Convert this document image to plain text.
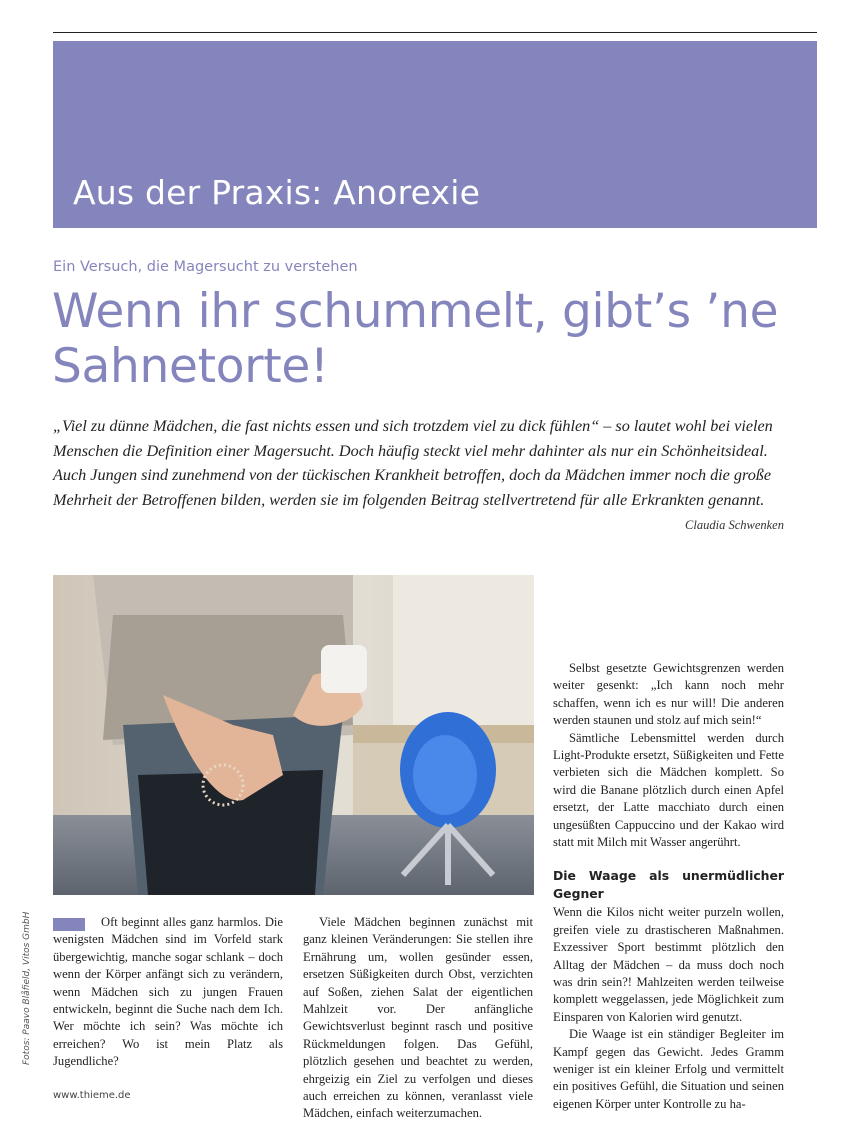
Aus der Praxis: Anorexie
Ein Versuch, die Magersucht zu verstehen
Wenn ihr schummelt, gibt’s ’ne Sahnetorte!

„Viel zu dünne Mädchen, die fast nichts essen und sich trotzdem viel zu dick fühlen“ – so lautet wohl bei vielen Menschen die Definition einer Magersucht. Doch häufig steckt viel mehr dahinter als nur ein Schönheitsideal. Auch Jungen sind zunehmend von der tückischen Krankheit betroffen, doch da Mädchen immer noch die große Mehrheit der Betroffenen bilden, werden sie im folgenden Beitrag stellvertretend für alle Erkrankten genannt.

Claudia Schwenken

Oft beginnt alles ganz harmlos. Die wenigsten Mädchen sind im Vorfeld stark übergewichtig, manche sogar schlank – doch wenn der Körper anfängt sich zu verändern, wenn Mädchen sich zu jungen Frauen entwickeln, beginnt die Suche nach dem Ich. Wer möchte ich sein? Was möchte ich erreichen? Wo ist mein Platz als Jugendliche?

Viele Mädchen beginnen zunächst mit ganz kleinen Veränderungen: Sie stellen ihre Ernährung um, wollen gesünder essen, ersetzen Süßigkeiten durch Obst, verzichten auf Soßen, ziehen Salat der eigentlichen Mahlzeit vor. Der anfängliche Gewichtsverlust beginnt rasch und positive Rückmeldungen folgen. Das Gefühl, plötzlich gesehen und beachtet zu werden, ehrgeizig ein Ziel zu verfolgen und dieses auch erreichen zu können, veranlasst viele Mädchen, einfach weiterzumachen.

Selbst gesetzte Gewichtsgrenzen werden weiter gesenkt: „Ich kann noch mehr schaffen, wenn ich es nur will! Die anderen werden staunen und stolz auf mich sein!“

Sämtliche Lebensmittel werden durch Light-Produkte ersetzt, Süßigkeiten und Fette verbieten sich die Mädchen komplett. So wird die Banane plötzlich durch einen Apfel ersetzt, der Latte macchiato durch einen ungesüßten Cappuccino und der Kakao wird statt mit Milch mit Wasser angerührt.

Die Waage als unermüdlicher Gegner

Wenn die Kilos nicht weiter purzeln wollen, greifen viele zu drastischeren Maßnahmen. Exzessiver Sport bestimmt plötzlich den Alltag der Mädchen – da muss doch noch was drin sein?! Mahlzeiten werden teilweise komplett weggelassen, jede Möglichkeit zum Einsparen von Kalorien wird genutzt.

Die Waage ist ein ständiger Begleiter im Kampf gegen das Gewicht. Jedes Gramm weniger ist ein kleiner Erfolg und vermittelt ein positives Gefühl, die Situation und seinen eigenen Körper unter Kontrolle zu ha-

Fotos: Paavo Blåfield, Vitos GmbH
www.thieme.de
